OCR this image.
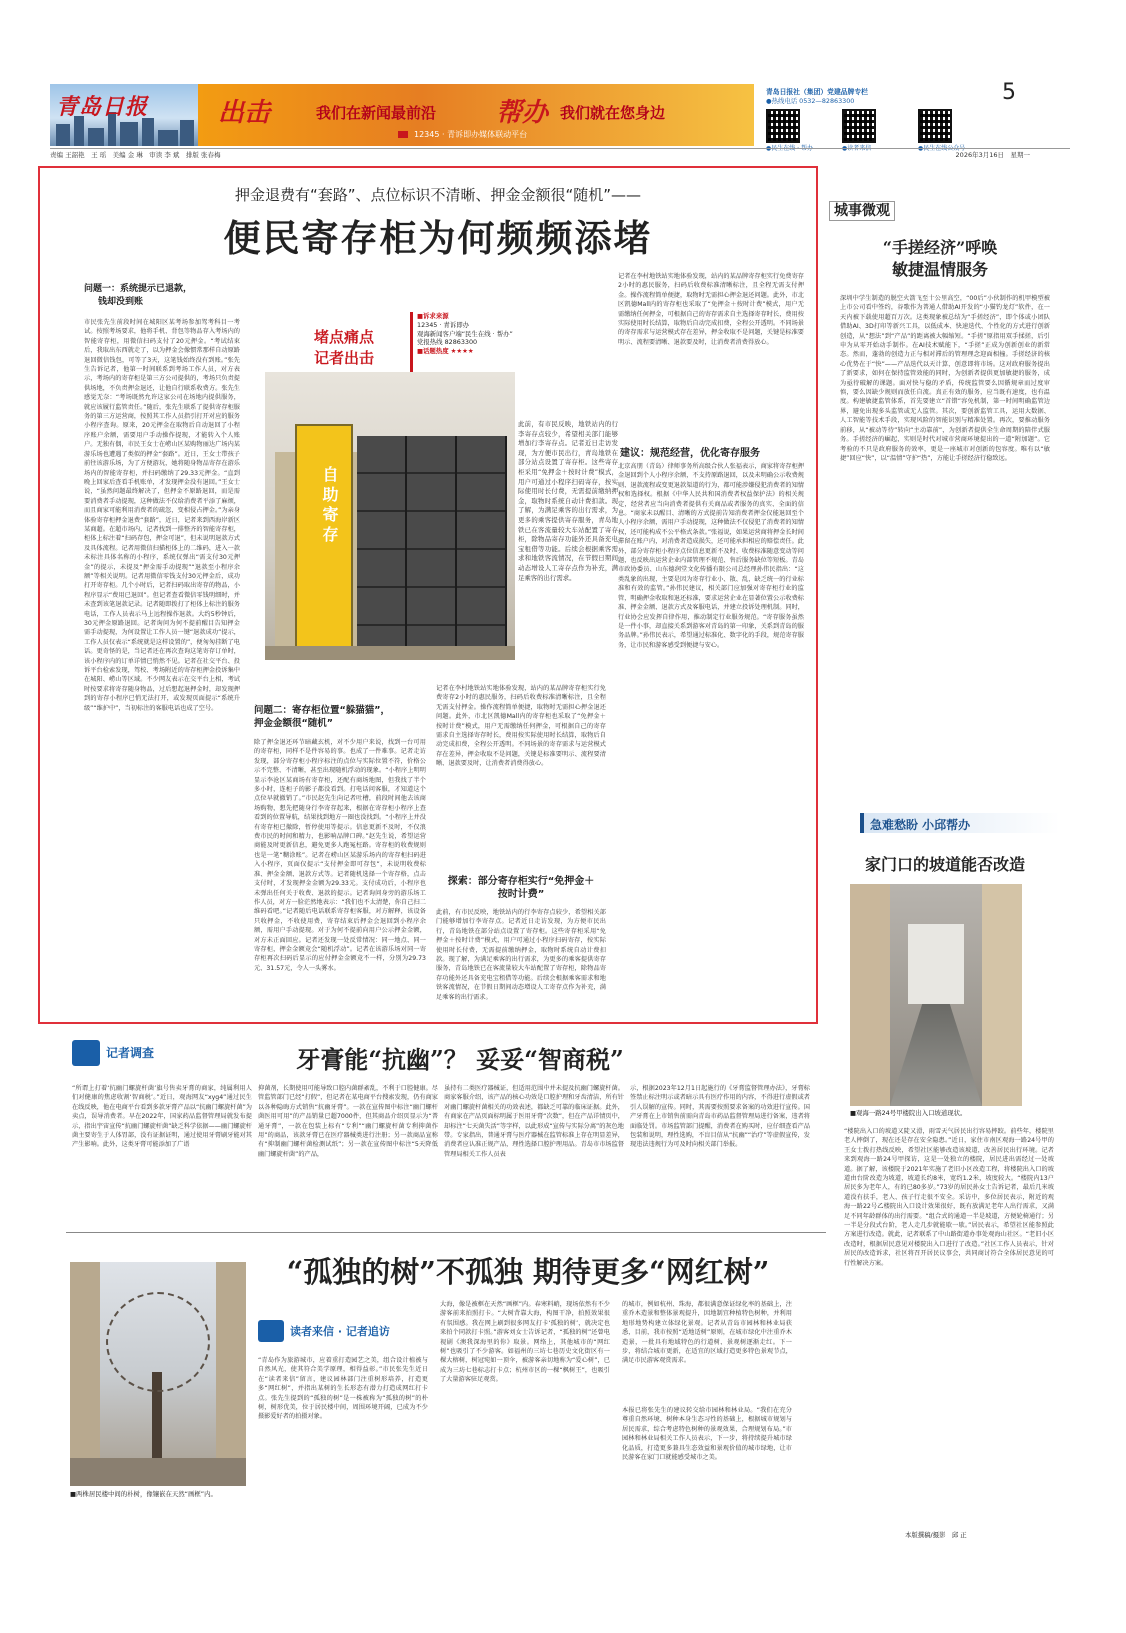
青岛日报	出击	我们在新闻最前沿 帮办 我们就在您身边
12345 · 青诉即办媒体联动平台
青岛日报社（集团）党建品牌专栏
●热线电话 0532—82863300
●民生在线 · 帮办	●读者来信	●民生在线公众号
5
责编 王韶艳　王 瑶　美编 金 琳　审读 李 斌　排版 张春梅	2026年3月16日　星期一
押金退费有“套路”、点位标识不清晰、押金金额很“随机”——
便民寄存柜为何频频添堵
问题一：系统提示已退款，
钱却没到账
市民张先生前段时间在城阳区某考场参加驾考科目一考试。按照考场要求，他将手机、背包等物品存入考场内的智能寄存柜，用微信扫码支付了20元押金。“考试结束后，我取出东西就走了，以为押金会像惯常那样自动原路退回微信钱包，可等了3天，这笔钱始终没有到账。”张先生告诉记者，他第一时间联系到考场工作人员，对方表示，考场内的寄存柜是第三方公司提供的，考场只负责提供场地，不负责押金退还，让他自行联系收费方。张先生感觉无奈：“考场既然允许这家公司在场地内提供服务，就应该履行监管责任。”随后，张先生联系了提供寄存柜服务的第三方运营商，按照其工作人员指引打开对应的服务小程序查询。原来，20元押金在取物后自动退回了小程序账户余额，需要用户手动操作提现，才能转入个人账户。无独有偶，市民王女士在崂山区某购物丽达广场内某游乐场也遭遇了类似的押金“套路”。近日，王女士带孩子前往该游乐场，为了方便游玩，她将随身物品寄存在游乐场内的智能寄存柜，并扫码缴纳了29.33元押金。“直到晚上回家后查看手机账单，才发现押金没有退回。”王女士说，“虽然问题最终解决了，但押金不原路退回，而是需要消费者手动提现，这种做法不仅给消费者平添了麻烦，而且商家可能利用消费者的疏忽，变相侵占押金。”为亲身体验寄存柜押金退费“套路”，近日，记者来到西海岸新区某商超。在超市场内，记者找到一排整齐的智能寄存柜，柜体上标注着“扫码存包，押金可退”，但未说明退款方式及具体流程。记者用微信扫描柜体上的二维码，进入一款未标注具体名称的小程序，系统仅弹出“需支付30元押金”的提示，未提及“押金需手动提现”“退款至小程序余额”等相关说明。记者用微信零钱支付30元押金后，成功打开寄存柜。几个小时后，记者扫码取出寄存的物品，小程序显示“费用已退回”。但记者查看微信零钱明细时，并未查到该笔退款记录。记者随即拨打了柜体上标注的服务电话，工作人员表示马上远程操作退款。大约5秒钟后，30元押金原路退回。记者询问为何不提前醒目告知押金需手动提现，为何设置让工作人员一键“退款成功”提示，工作人员仅表示“系统就是这样设置的”，便匆匆挂断了电话。更奇怪的是，当记者还在再次查询这笔寄存订单时，该小程序内的订单详情已悄然不见。记者在社交平台、投诉平台检索发现，驾校、考场附近的寄存柜押金投诉集中在城阳、崂山等区域。不少网友表示在交平台上相，考试时按要求将寄存随身物品，过后想起退押金时，却发现押到的寄存小程序已悄无法打开，或发现页面提示“系统升级”“维护中”，当初标注的客服电话也成了空号。
堵点痛点
记者出击
■诉求来源
12345 · 青诉即办
观海新闻客户端“民生在线 · 帮办”
党报热线 82863300
■话题热度 ★★★★
自助寄存
此前，有市民反映，地铁站内的行李寄存点较少，希望相关部门能够增加行李寄存点。记者近日走访发现，为方便市民出行，青岛地铁在部分站点设置了寄存柜。这些寄存柜采用“免押金＋按时计费”模式，用户可通过小程序扫码寄存，按实际使用时长付费，无需提前缴纳押金，取物时系统自动计费扣款。现了解，为满足乘客的出行需求，为更多的乘客提供寄存服务，青岛地铁已在客流量较大车站配置了寄存柜，除物品寄存功能外还具备充电宝租借等功能。后续会根据乘客需求和地铁客流情况，在节假日期间动态增设人工寄存点作为补充，满足乘客的出行需求。
问题二：寄存柜位置“躲猫猫”，
押金金额很“随机”
除了押金退还环节暗藏玄机，对不少用户来说，找到一台可用的寄存柜，同样不是件容易的事。也成了一件难事。记者走访发现，部分寄存柜小程序标注的点位与实际位置不符，价格公示不完整、不清晰，甚至出现随机浮动的现象。“小程序上明明显示李沧区某商场有寄存柜，还配有商场地图，但我找了半个多小时，连柜子的影子都没看到。打电话问客服，才知道这个点位早就撤销了。”市民赵先生向记者吐槽，前段时间他去该商场购物，想先把随身行李寄存起来，根据在寄存柜小程序上查看到的位置导航，结果找到地方一圈也没找到。“小程序上并没有寄存柜已撤除，暂停使用等提示。信息更新不及时，不仅浪费市民的时间和精力，也影响品牌口碑。”赵先生说，希望运营商能及时更新信息，避免更多人跑冤枉路。寄存柜的收费规则也是一笔“糊涂账”。记者在崂山区某游乐场内的寄存柜扫码进入小程序，页面仅提示“支付押金即可存包”，未说明收费标准、押金金额、退款方式等。记者随机选择一个寄存格，点击支付时，才发现押金金额为29.33元。支付成功后，小程序也未弹出任何关于收费、退款的提示。记者询问身旁的游乐场工作人员，对方一脸茫然地表示：“我们也不太清楚，你自己扫二维码看吧。”记者随后电话联系寄存柜客服，对方解释，该设备只收押金，不收使用费，寄存结束后押金会退回到小程序余额，需用户手动提现。对于为何不提前向用户公示押金金额，对方未正面回应。记者还发现一处反常情况：同一地点、同一寄存柜，押金金额竟会“随机浮动”。记者在该游乐场对同一寄存柜再次扫码后显示的应付押金金额竟不一样，分别为29.73元、31.57元，令人一头雾水。
记者在李村地铁站实地体验发现，站内的某品牌寄存柜实行免费寄存2小时的惠民服务，扫码后收费标准清晰标注，且全程无需支付押金。操作流程简单便捷，取物时无需担心押金退还问题。此外，市北区凯德Mall内的寄存柜也采取了“免押金＋按时计费”模式，用户无需缴纳任何押金，可根据自己的寄存需求自主选择寄存时长，费用按实际使用时长结算，取物后自动完成扣费，全程公开透明。不同场景的寄存需求与运营模式存在差异，押金收取不是问题，关键是标准要明示、流程要清晰、退款要及时，让消费者消费得放心。
探索：部分寄存柜实行“免押金＋按时计费”
此前，有市民反映，地铁站内的行李寄存点较少，希望相关部门能够增加行李寄存点。记者近日走访发现，为方便市民出行，青岛地铁在部分站点设置了寄存柜。这些寄存柜采用“免押金＋按时计费”模式，用户可通过小程序扫码寄存，按实际使用时长付费，无需提前缴纳押金，取物时系统自动计费扣款。现了解，为满足乘客的出行需求，为更多的乘客提供寄存服务，青岛地铁已在客流量较大车站配置了寄存柜，除物品寄存功能外还具备充电宝租借等功能。后续会根据乘客需求和地铁客流情况，在节假日期间动态增设人工寄存点作为补充，满足乘客的出行需求。
记者在李村地铁站实地体验发现，站内的某品牌寄存柜实行免费寄存2小时的惠民服务，扫码后收费标准清晰标注，且全程无需支付押金。操作流程简单便捷，取物时无需担心押金退还问题。此外，市北区凯德Mall内的寄存柜也采取了“免押金＋按时计费”模式，用户无需缴纳任何押金，可根据自己的寄存需求自主选择寄存时长，费用按实际使用时长结算，取物后自动完成扣费，全程公开透明。不同场景的寄存需求与运营模式存在差异，押金收取不是问题，关键是标准要明示、流程要清晰、退款要及时，让消费者消费得放心。
建议：规范经营，优化寄存服务
北京高朋（青岛）律师事务所高级合伙人张福表示，商家将寄存柜押金退回到个人小程序余额，不支持原路退回，以及未明确公示收费规则、退款流程或变更退款渠道的行为，都可能涉嫌侵犯消费者的知情权和选择权。根据《中华人民共和国消费者权益保护法》的相关规定，经营者应当向消费者提供有关商品或者服务的真实、全面的信息。“商家未以醒目、清晰的方式提前告知消费者押金仅能退回至个人小程序余额，需用户手动提现，这种做法不仅侵犯了消费者的知情权，还可能构成不公平格式条款。”张福说，如果运营商将押金长时间滞留在账户内，对消费者造成损失，还可能承担相应的赔偿责任。此外，部分寄存柜小程序点位信息更新不及时、收费标准随意变动等问题，也反映出运营企业内部管理不规范、售后服务缺位等短板。青岛市政协委员、山东德润堂文化传播有限公司总经理孙伟民指出：“这类乱象的出现，主要是因为寄存行业小、散、乱，缺乏统一的行业标准和有效的监管。”孙伟民建议，相关部门应加强对寄存柜行业的监管，明确押金收取和退还标准，要求运营企业在显著位置公示收费标准、押金金额、退款方式及客服电话，并建立投诉处理机制。同时，行业协会应发挥自律作用，推动制定行业服务规范。“寄存服务虽然是一件小事，却直接关系到游客对青岛的第一印象，关系到青岛的服务品牌。”孙伟民表示，希望通过标准化、数字化的手段，规范寄存服务，让市民和游客感受到便捷与安心。
城事微观
“手搓经济”呼唤
敏捷温情服务
深圳中学生制造的脱空火箭飞至十公里高空，“00后”小伙制作的机甲模型被上市公司看中签约，谷歌作为普通人借助AI开发的“小猫钓龙灯”软件，在一天内被下载使用超百万次。这类现象被总结为“手搓经济”，即个体或小团队借助AI、3D打印等新兴工具，以低成本、快速迭代、个性化的方式进行创新创造，从“想法”到“产品”的距离被大幅缩短。“手搓”原指用双手揉搓，后引申为从零开始动手制作。在AI技术赋能下，“手搓”正成为创新创业的新常态。然而，蓬勃的创造力正与相对滞后的管理理念迎面相撞。手搓经济的核心优势在于“快”——产品迭代以天计算，创意即将市场。这对政府服务提出了新要求，如何在保持监管效能的同时，为创新者提供更加敏捷的服务，成为亟待破解的课题。面对快与稳的矛盾，传统监管要么因循规章而过度审慎，要么因缺少规则而放任自流。真正有效的服务，应当既有速度，也有温度。构建敏捷监管体系，首先要建立“首错”容免机制，第一时间明确监管边界，避免出现多头监管或无人监管。其次，要创新监管工具，运用大数据、人工智能等技术手段，实现风险的智能识别与精准处置。再次，要推动服务前移，从“被动等待”转向“主动靠前”，为创新者提供全生命周期的陪伴式服务。手搓经济的崛起，实则是时代对城市营商环境提出的一道“附加题”。它考验的不只是政府服务的效率，更是一座城市对创新的包容度。唯有以“敏捷”回应“快”，以“温情”守护“热”，方能让手搓经济行稳致远。
急难愁盼 小邱帮办
家门口的坡道能否改造
■观海一路24号甲楼院出入口坡道现状。
“楼院出入口的坡道又陡又滑，雨雪天气居民出行容易摔跤。前些年，楼院里老人摔倒了，现在还是存在安全隐患。”近日，家住市南区观海一路24号甲的王女士拨打热线反映，希望社区能够改造该坡道，改善居民出行环境。记者来到观海一路24号甲探访，这是一处独立的楼院，居民进出需经过一处坡道。据了解，该楼院于2021年实施了老旧小区改造工程，将楼院出入口的坡道由台阶改造为坡道，坡道长约8米，宽约1.2米，坡度较大。“楼院内13户居民多为老年人，有的已80多岁。”73岁的居民孙女士告诉记者，最后几米坡道没有扶手，老人、孩子行走很不安全。采访中，多位居民表示，附近的观海一路22号乙楼院出入口设计效果很好，既有放满足老年人出行需求，又满足不同年龄群体的出行需要。“组合式的通道一半是坡道，方便轮椅通行；另一半是分段式台阶，老人走几步就能歇一歇。”居民表示，希望社区能参照此方案进行改造。就此，记者联系了中山路街道办事处观海山社区。“老旧小区改造时，根据居民意见对楼院出入口进行了改造。”社区工作人员表示，针对居民的改造诉求，社区将召开居民议事会，共同商讨符合全体居民意见的可行性解决方案。
记者调查	牙膏能“抗幽”？ 妥妥“智商税”
“所谓上打着‘抗幽门螺旋杆菌’旗号售卖牙膏的商家，纯属利用人们对健康的焦虑收割‘智商税’。”近日，观海网友“xyg4”通过民生在线反映，他在电商平台看到多款牙膏产品以“抗幽门螺旋杆菌”为卖点，误导消费者。早在2022年，国家药品监督管理局就发布提示，指出宇宙宣传“抗幽门螺旋杆菌”缺乏科学依据——幽门螺旋杆菌主要寄生于人体胃部，没有证据证明，通过使用牙膏刷牙能对其产生影响。此外，这类牙膏可能添加了广谱
抑菌剂，长期使用可能导致口腔内菌群紊乱，不利于口腔健康。尽管监管部门已经“打假”，但记者在某电商平台搜索发现，仍有商家以各种隐晦方式销售“抗幽牙膏”。一款在宣传图中标注“幽门螺杆菌医用可用”的产品销量已超7000件，但其商品介绍页显示为“普通牙膏”，一款在包装上标有“专利”“幽门螺旋杆菌专利抑菌作用”的商品，该款牙膏已在医疗器械类进行注册；另一款商品宣称有“抑制幽门螺杆菌检测试纸”；另一款在宣传图中标注“5天降低幽门螺旋杆菌”的产品，
虽持有二类医疗器械证，但适用范围中并未提及抗幽门螺旋杆菌。商家客服介绍，该产品的核心功效是口腔护理和牙齿清洁，所有针对幽门螺旋杆菌相关的功效表述，都缺乏可靠的临床证据。此外，有商家在产品页面标明属于医用牙膏“次数”，但在产品详情页中，却标注“七天菌失活”等字样，以此形成“宣传与实际分离”的灰色地带。专家指出，普通牙膏与医疗器械在监管标准上存在明显差异，消费者应认准正规产品，理性选择口腔护理用品。青岛市市场监督管理局相关工作人员表
示，根据2023年12月1日起施行的《牙膏监督管理办法》，牙膏标签禁止标注明示或者暗示具有医疗作用的内容，不得进行虚假或者引人误解的宣传。同时，其需要按照要求备案的功效进行宣传。国产牙膏在上市销售前需向青岛市药品监督管理局进行备案，违者将面临处罚。市场监管部门提醒，消费者在购买时，应仔细查看产品包装和说明，理性选购，不盲目信从“抗幽”“治疗”等虚假宣传，发现违法违规行为可及时向相关部门举报。
“孤独的树”不孤独 期待更多“网红树”
■两株居民楼中间的朴树，像镶嵌在天然“画框”内。
读者来信 · 记者追访
“青岛作为旅游城市，应着重打造园艺之美，组合设计植被与自然风光，使其符合美学原理，相得益彰。”市民张先生近日在“读者来信”留言，建议园林部门注重树形培养，打造更多“网红树”，并指出某树的生长形态有潜力打造成网红打卡点。张先生提到的“孤独的树”是一株被称为“孤独的树”的朴树，树形优美，位于居民楼中间，周围环境开阔，已成为不少摄影爱好者的拍摄对象。
大海，像是被框在天然“画框”内。春寒料峭，现场依然有不少游客前来拍照打卡。“大树背靠大海，构图干净，拍照效果很有氛围感。我在网上刷到很多网友打卡‘孤独的树’，就决定也来拍个同款打卡照。”游客刘女士告诉记者，“孤独的树”还曾电视剧《澳我深海里的你》取景。网络上，其他城市的“网红树”也吸引了不少游客。如福州的三坊七巷历史文化街区有一棵大榕树，树冠宛如一顶伞，被游客亲切地称为“爱心树”，已成为三坊七巷标志打卡点；杭州市区的一棵“枫树王”，也吸引了大量游客驻足观赏。
的城市，例如杭州、珠海，都很满意保证绿化率的基础上，注重乔木造景和整体景观提升，因地制宜种植特色树种，并利用地形地势构建立体绿化景观。记者从青岛市园林和林业局获悉，目前，我市按照“适地适树”原则，在城市绿化中注重乔木造景，一批具有地域特色的行道树、景观树逐渐走红。下一步，将结合城市更新，在适宜的区域打造更多特色景观节点，满足市民游客观赏需求。
本报已将张先生的建议转交给市园林和林业局。“我们在充分尊重自然环境、树种本身生态习性的基础上，根据城市规划与居民需求，综合考虑特色树种的景观效果，合理规划布局。”市园林和林业局相关工作人员表示，下一步，将持续提升城市绿化品质，打造更多兼具生态效益和景观价值的城市绿地，让市民游客在家门口就能感受城市之美。
本版撰稿/摄影　邱 正
